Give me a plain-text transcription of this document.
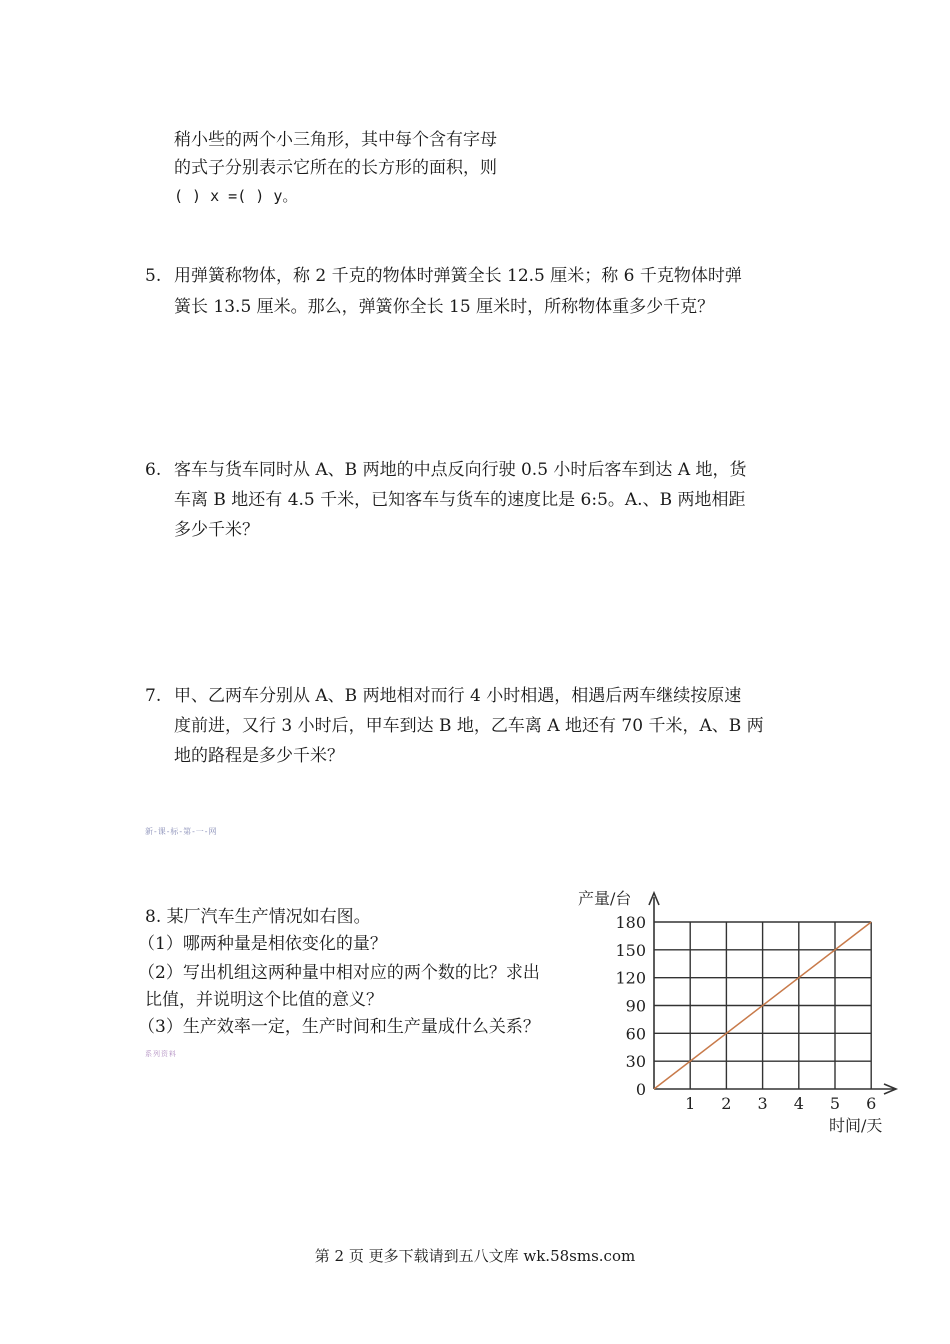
稍小些的两个小三角形，其中每个含有字母
的式子分别表示它所在的长方形的面积，则
( ) x =( ) y。
5. 用弹簧称物体，称 2 千克的物体时弹簧全长 12.5 厘米；称 6 千克物体时弹
簧长 13.5 厘米。那么，弹簧你全长 15 厘米时，所称物体重多少千克？
6. 客车与货车同时从 A、B 两地的中点反向行驶 0.5 小时后客车到达 A 地，货
车离 B 地还有 4.5 千米，已知客车与货车的速度比是 6:5。A.、B 两地相距
多少千米？
7. 甲、乙两车分别从 A、B 两地相对而行 4 小时相遇，相遇后两车继续按原速
度前进，又行 3 小时后，甲车到达 B 地，乙车离 A 地还有 70 千米，A、B 两
地的路程是多少千米？
新-课-标-第-一-网
8. 某厂汽车生产情况如右图。
（1）哪两种量是相依变化的量？
（2）写出机组这两种量中相对应的两个数的比？求出
比值，并说明这个比值的意义？
（3）生产效率一定，生产时间和生产量成什么关系？
系列资料
0
30
60
90
120
150
180
1 2 3 4 5 6
产量/台
时间/天
第 2 页 更多下载请到五八文库 wk.58sms.com
